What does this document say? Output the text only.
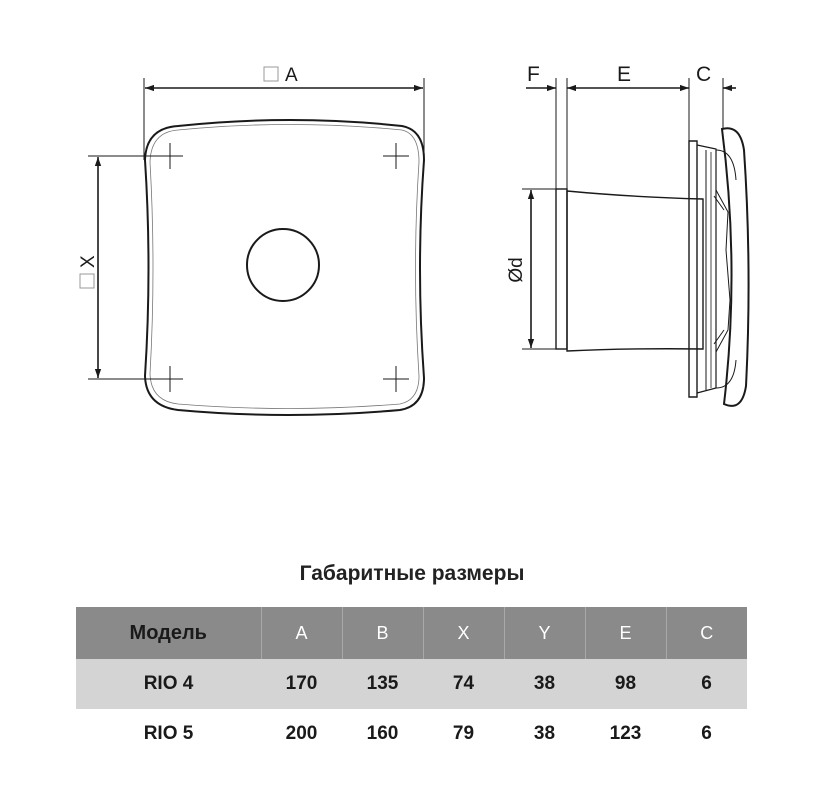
A
X
F	E	C
Ød
Габаритные размеры
Модель	A	B	X	Y	E	C
RIO 4	170	135	74	38	98	6
RIO 5	200	160	79	38	123	6
